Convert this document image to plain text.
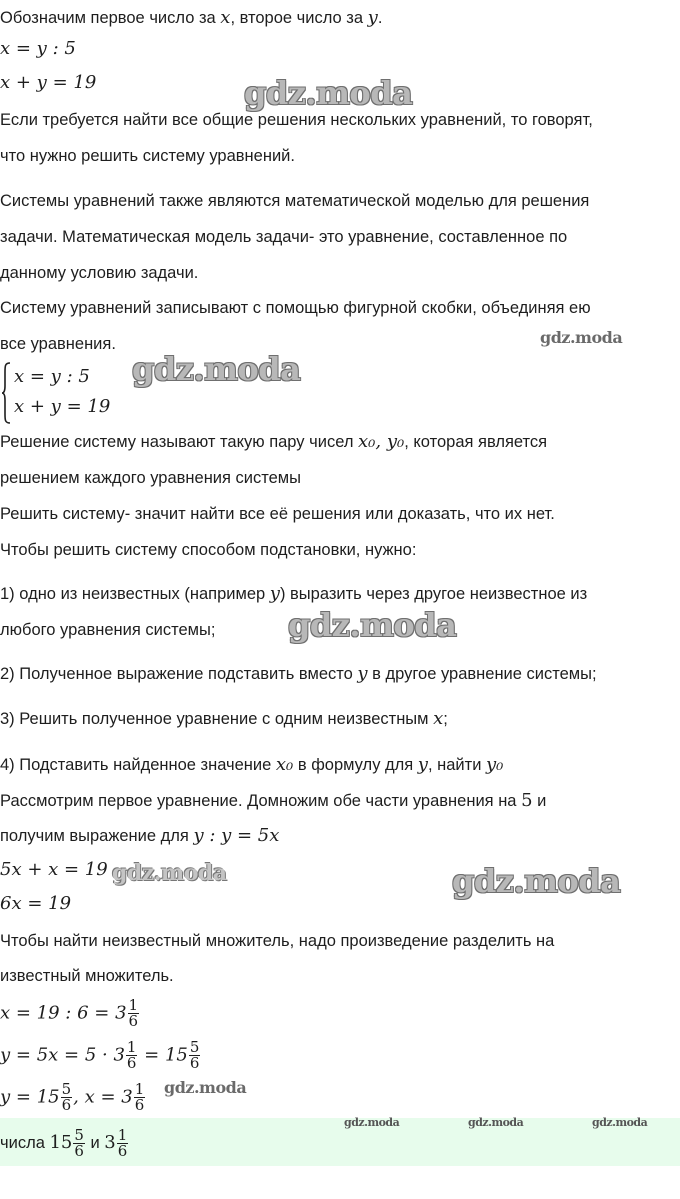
Обозначим первое число за x, второе число за y.
x = y : 5
x + y = 19
Если требуется найти все общие решения нескольких уравнений, то говорят,
что нужно решить систему уравнений.
Системы уравнений также являются математической моделью для решения
задачи. Математическая модель задачи- это уравнение, составленное по
данному условию задачи.
Систему уравнений записывают с помощью фигурной скобки, объединяя ею
все уравнения.
x = y : 5
x + y = 19
Решение систему называют такую пару чисел x₀, y₀, которая является
решением каждого уравнения системы
Решить систему- значит найти все её решения или доказать, что их нет.
Чтобы решить систему способом подстановки, нужно:
1) одно из неизвестных (например y) выразить через другое неизвестное из
любого уравнения системы;
2) Полученное выражение подставить вместо y в другое уравнение системы;
3) Решить полученное уравнение с одним неизвестным x;
4) Подставить найденное значение x₀ в формулу для y, найти y₀
Рассмотрим первое уравнение. Домножим обе части уравнения на 5 и
получим выражение для y : y = 5x
5x + x = 19
6x = 19
Чтобы найти неизвестный множитель, надо произведение разделить на
известный множитель.
x = 19 : $6 = 3 \frac{1}{6}$
$y = 5x = 5 \cdot 3 \frac{1}{6} = 15 \frac{5}{6}$
$y = 15 \frac{5}{6}$ , $x = 3 \frac{1}{6}$
числа $15 \frac{5}{6}$ и $3 \frac{1}{6}$
gdz.moda
gdz.moda
gdz.moda
gdz.moda
gdz.moda	gdz.moda
gdz.moda
gdz.moda	gdz.moda	gdz.moda
